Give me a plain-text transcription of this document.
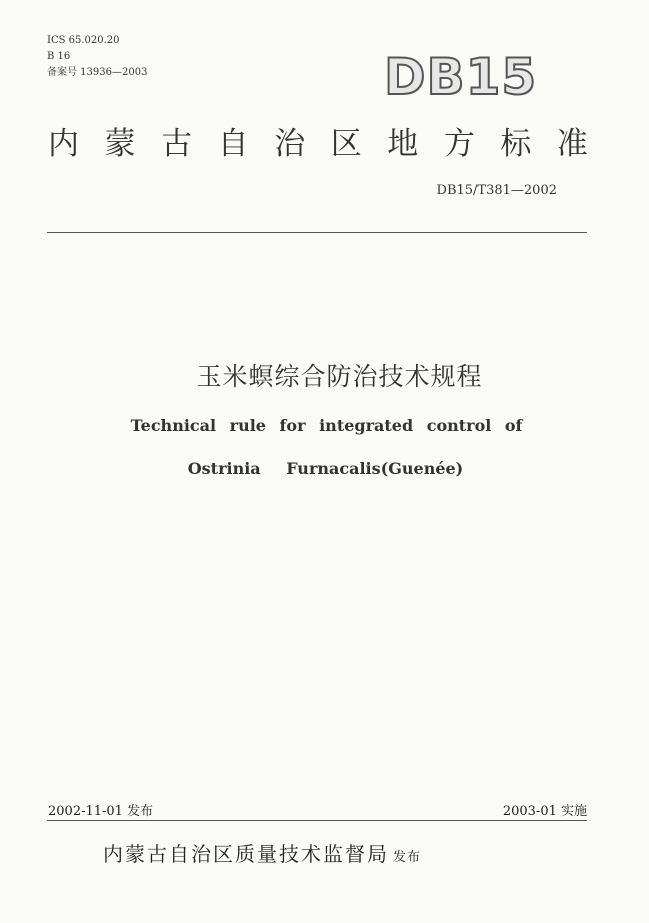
ICS 65.020.20
B 16
备案号 13936—2003	DB15
内 蒙 古 自 治 区 地 方 标 准
DB15/T381—2002
玉米螟综合防治技术规程
Technical rule for integrated control of
Ostrinia Furnacalis(Guenée)
2002-11-01 发布	2003-01 实施
内蒙古自治区质量技术监督局 发布
